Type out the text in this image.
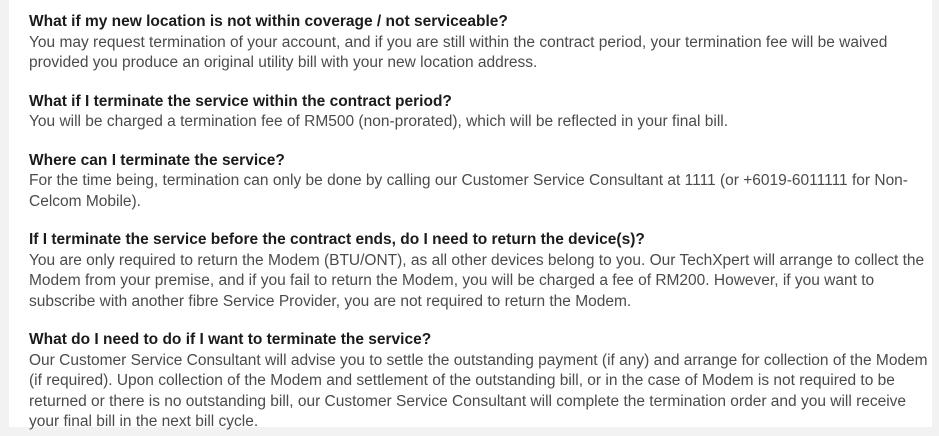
What if my new location is not within coverage / not serviceable?

You may request termination of your account, and if you are still within the contract period, your termination fee will be waived provided you produce an original utility bill with your new location address.

What if I terminate the service within the contract period?

You will be charged a termination fee of RM500 (non-prorated), which will be reflected in your final bill.

Where can I terminate the service?

For the time being, termination can only be done by calling our Customer Service Consultant at 1111 (or +6019-6011111 for Non-Celcom Mobile).

If I terminate the service before the contract ends, do I need to return the device(s)?

You are only required to return the Modem (BTU/ONT), as all other devices belong to you. Our TechXpert will arrange to collect the Modem from your premise, and if you fail to return the Modem, you will be charged a fee of RM200. However, if you want to subscribe with another fibre Service Provider, you are not required to return the Modem.

What do I need to do if I want to terminate the service?

Our Customer Service Consultant will advise you to settle the outstanding payment (if any) and arrange for collection of the Modem (if required). Upon collection of the Modem and settlement of the outstanding bill, or in the case of Modem is not required to be returned or there is no outstanding bill, our Customer Service Consultant will complete the termination order and you will receive your final bill in the next bill cycle.
